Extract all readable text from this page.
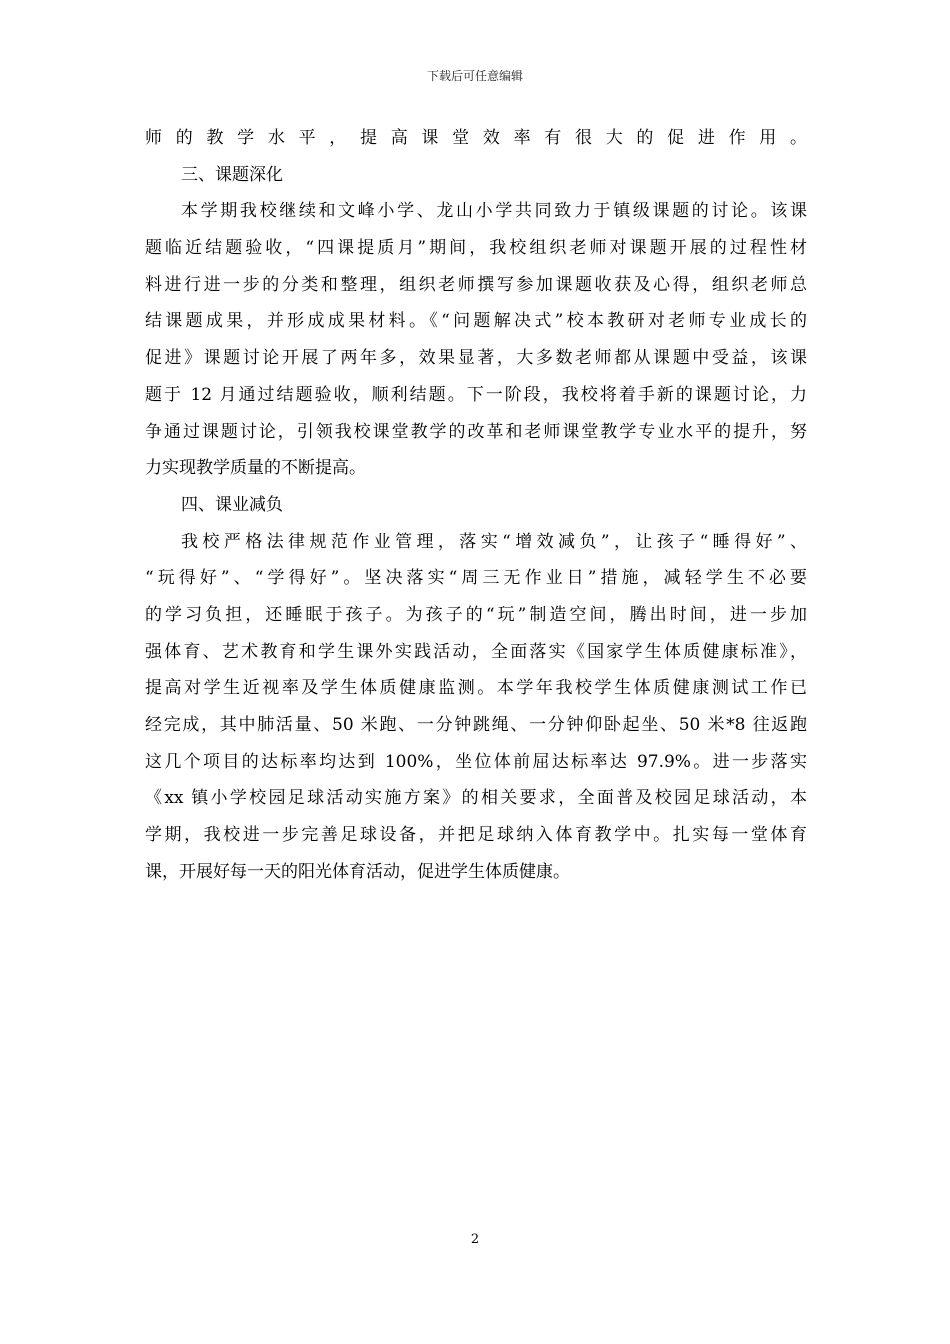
下载后可任意编辑
师的教学水平，提高课堂效率有很大的促进作用。
三、课题深化
本学期我校继续和文峰小学、龙山小学共同致力于镇级课题的讨论。该课
题临近结题验收，“四课提质月”期间，我校组织老师对课题开展的过程性材
料进行进一步的分类和整理，组织老师撰写参加课题收获及心得，组织老师总
结课题成果，并形成成果材料。《“问题解决式”校本教研对老师专业成长的
促进》课题讨论开展了两年多，效果显著，大多数老师都从课题中受益，该课
题于 12 月通过结题验收，顺利结题。下一阶段，我校将着手新的课题讨论，力
争通过课题讨论，引领我校课堂教学的改革和老师课堂教学专业水平的提升，努
力实现教学质量的不断提高。
四、课业减负
我校严格法律规范作业管理，落实“增效减负”，让孩子“睡得好”、
“玩得好”、“学得好”。坚决落实“周三无作业日”措施，减轻学生不必要
的学习负担，还睡眠于孩子。为孩子的“玩”制造空间，腾出时间，进一步加
强体育、艺术教育和学生课外实践活动，全面落实《国家学生体质健康标准》，
提高对学生近视率及学生体质健康监测。本学年我校学生体质健康测试工作已
经完成，其中肺活量、50 米跑、一分钟跳绳、一分钟仰卧起坐、50 米*8 往返跑
这几个项目的达标率均达到 100%，坐位体前屈达标率达 97.9%。进一步落实
《xx 镇小学校园足球活动实施方案》的相关要求，全面普及校园足球活动，本
学期，我校进一步完善足球设备，并把足球纳入体育教学中。扎实每一堂体育
课，开展好每一天的阳光体育活动，促进学生体质健康。
2
